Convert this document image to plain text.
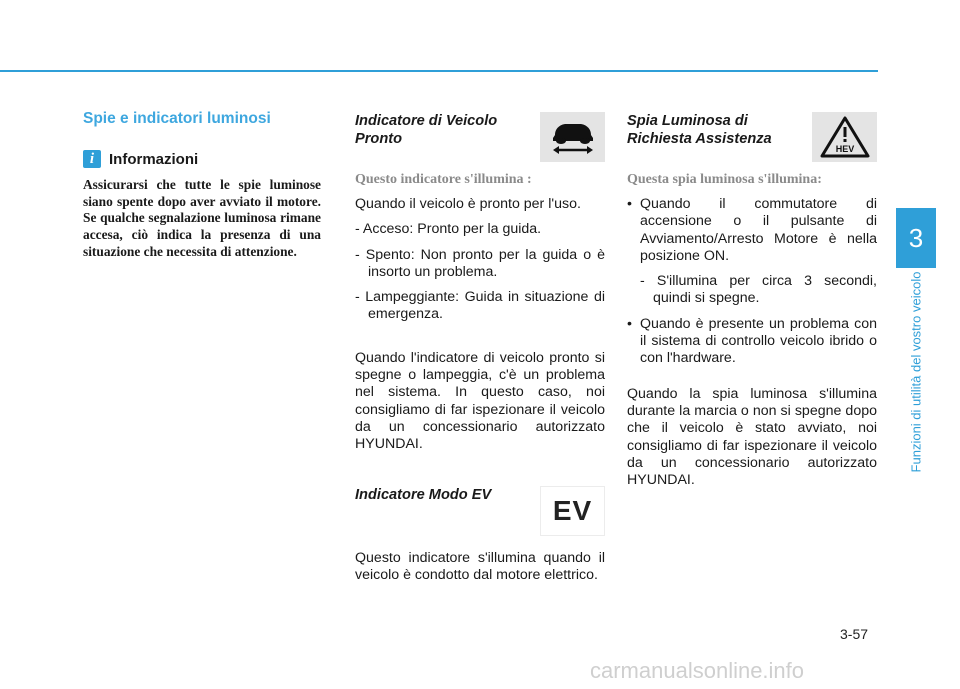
Spie e indicatori luminosi
i Informazioni

Assicurarsi che tutte le spie luminose siano spente dopo aver avviato il motore. Se qualche segnalazione luminosa rimane accesa, ciò indica la presenza di una situazione che necessita di attenzione.

Indicatore di Veicolo Pronto
Questo indicatore s'illumina :

Quando il veicolo è pronto per l'uso.

- Acceso: Pronto per la guida.

- Spento: Non pronto per la guida o è insorto un problema.

- Lampeggiante: Guida in situazione di emergenza.

Quando l'indicatore di veicolo pronto si spegne o lampeggia, c'è un problema nel sistema. In questo caso, noi consigliamo di far ispezionare il veicolo da un concessionario autorizzato HYUNDAI.

Indicatore Modo EV	EV

Questo indicatore s'illumina quando il veicolo è condotto dal motore elettrico.

Spia Luminosa di Richiesta Assistenza
HEV
Questa spia luminosa s'illumina:
• Quando il commutatore di accensione o il pulsante di Avviamento/Arresto Motore è nella posizione ON.

- S'illumina per circa 3 secondi, quindi si spegne.

• Quando è presente un problema con il sistema di controllo veicolo ibrido o con l'hardware.

Quando la spia luminosa s'illumina durante la marcia o non si spegne dopo che il veicolo è stato avviato, noi consigliamo di far ispezionare il veicolo da un concessionario autorizzato HYUNDAI.

3
Funzioni di utilità del vostro veicolo
3-57
carmanualsonline.info
